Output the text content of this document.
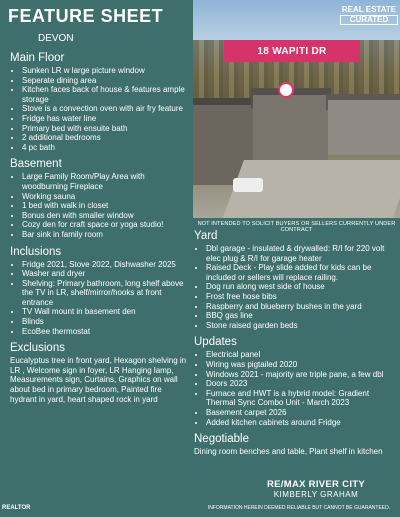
18 WAPITI DR
REAL ESTATE
CURATED
FEATURE SHEET
DEVON
NOT INTENDED TO SOLICIT BUYERS OR SELLERS CURRENTLY UNDER CONTRACT
Main Floor
• Sunken LR w large picture window
• Seperate dining area
• Kitchen faces back of house & features ample storage
• Stove is a convection oven with air fry feature
• Fridge has water line
• Primary bed with ensuite bath
• 2 additional bedrooms
• 4 pc bath
Basement
• Large Family Room/Play Area with woodburning Fireplace
• Working sauna
• 1 bed with walk in closet
• Bonus den with smaller window
• Cozy den for craft space or yoga studio!
• Bar sink in family room
Inclusions
• Fridge 2021, Stove 2022, Dishwasher 2025
• Washer and dryer
• Shelving: Primary bathroom, long shelf above the TV in LR, shelf/mirror/hooks at front entrance
• TV Wall mount in basement den
• Blinds
• EcoBee thermostat
Exclusions

Eucalyptus tree in front yard, Hexagon shelving in LR , Welcome sign in foyer, LR Hanging lamp, Measurements sign, Curtains, Graphics on wall about bed in primary bedroom, Painted fire hydrant in yard, heart shaped rock in yard

Yard
• Dbl garage - insulated & drywalled: R/I for 220 volt elec plug & R/I for garage heater
• Raised Deck - Play slide added for kids can be included or sellers will replace railing.
• Dog run along west side of house
• Frost free hose bibs
• Raspberry and blueberry bushes in the yard
• BBQ gas line
• Stone raised garden beds
Updates
• Electrical panel
• Wiring was pigtailed 2020
• Windows 2021 - majority are triple pane, a few dbl
• Doors 2023
• Furnace and HWT is a hybrid model: Gradient Thermal Sync Combo Unit - March 2023
• Basement carpet 2026
• Added kitchen cabinets around Fridge
Negotiable

Dining room benches and table, Plant shelf in kitchen

RE/MAX RIVER CITY
KIMBERLY GRAHAM
INFORMATION HEREIN DEEMED RELIABLE BUT CANNOT BE GUARANTEED.
REALTOR
